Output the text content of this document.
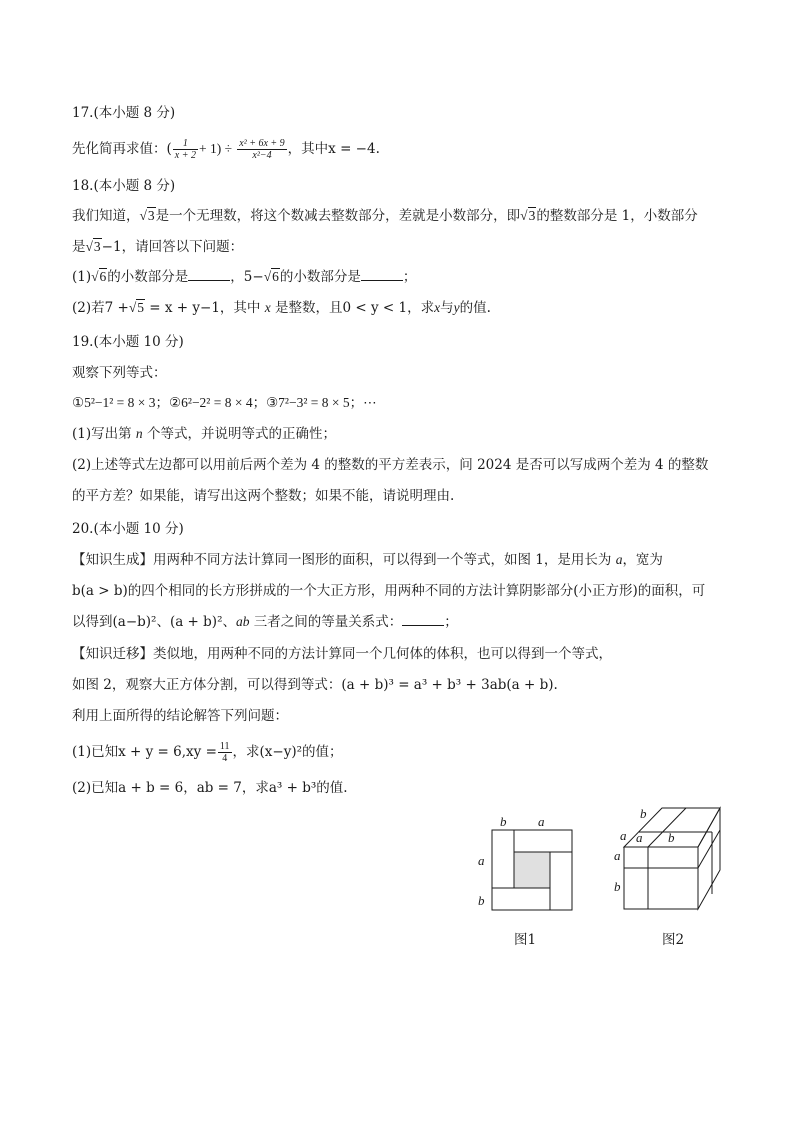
17.(本小题 8 分)
先化简再求值：( $\frac{1}{x + 2} + 1) \div \frac{\text{x² + 6x + 9}}{\text{x²−4}}$ ，其中x = −4.
18.(本小题 8 分)
我们知道，√3是一个无理数，将这个数减去整数部分，差就是小数部分，即√3的整数部分是 1，小数部分
是√3−1，请回答以下问题：
(1)√6的小数部分是	，5−√6的小数部分是	；
(2)若7 +√5 = x + y−1，其中 x 是整数，且0 < y < 1，求x与y的值.
19.(本小题 10 分)
观察下列等式：
①5²−1² = 8 × 3；②6²−2² = 8 × 4；③7²−3² = 8 × 5；⋯
(1)写出第 n 个等式，并说明等式的正确性；
(2)上述等式左边都可以用前后两个差为 4 的整数的平方差表示，问 2024 是否可以写成两个差为 4 的整数
的平方差？如果能，请写出这两个整数；如果不能，请说明理由.
20.(本小题 10 分)
【知识生成】用两种不同方法计算同一图形的面积，可以得到一个等式，如图 1，是用长为 a，宽为
b(a > b)的四个相同的长方形拼成的一个大正方形，用两种不同的方法计算阴影部分(小正方形)的面积，可
以得到(a−b)²、(a + b)²、ab 三者之间的等量关系式：	；
【知识迁移】类似地，用两种不同的方法计算同一个几何体的体积，也可以得到一个等式，
如图 2，观察大正方体分割，可以得到等式：(a + b)³ = a³ + b³ + 3ab(a + b).
利用上面所得的结论解答下列问题：
(1)已知$x + y = 6,xy = \frac{11}{4}$ ，求(x−y)²的值；
(2)已知a + b = 6，ab = 7，求a³ + b³的值.
b a
a
b
图1
b
a a b
a
b
图2
